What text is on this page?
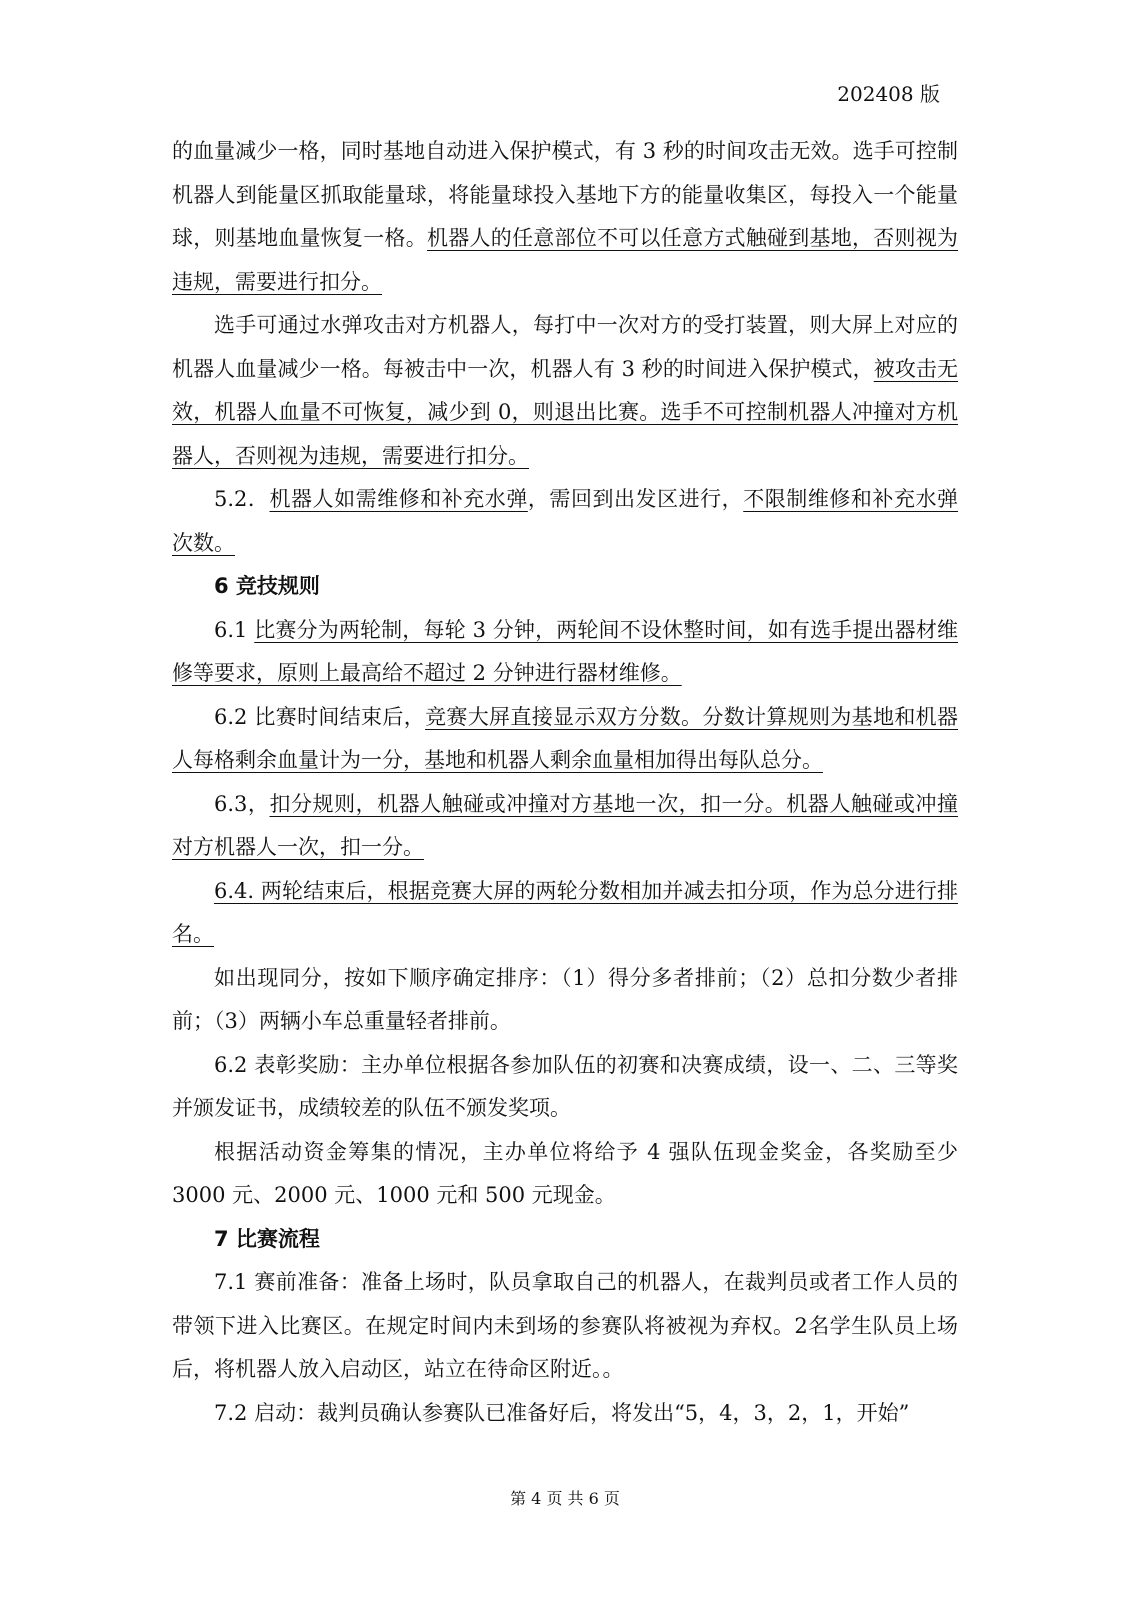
202408 版

的血量减少一格，同时基地自动进入保护模式，有 3 秒的时间攻击无效。选手可控制机器人到能量区抓取能量球，将能量球投入基地下方的能量收集区，每投入一个能量球，则基地血量恢复一格。机器人的任意部位不可以任意方式触碰到基地，否则视为违规，需要进行扣分。

选手可通过水弹攻击对方机器人，每打中一次对方的受打装置，则大屏上对应的机器人血量减少一格。每被击中一次，机器人有 3 秒的时间进入保护模式，被攻击无效，机器人血量不可恢复，减少到 0，则退出比赛。选手不可控制机器人冲撞对方机器人，否则视为违规，需要进行扣分。

5.2．机器人如需维修和补充水弹，需回到出发区进行，不限制维修和补充水弹次数。

6 竞技规则

6.1 比赛分为两轮制，每轮 3 分钟，两轮间不设休整时间，如有选手提出器材维修等要求，原则上最高给不超过 2 分钟进行器材维修。

6.2 比赛时间结束后，竞赛大屏直接显示双方分数。分数计算规则为基地和机器人每格剩余血量计为一分，基地和机器人剩余血量相加得出每队总分。

6.3，扣分规则，机器人触碰或冲撞对方基地一次，扣一分。机器人触碰或冲撞对方机器人一次，扣一分。

6.4. 两轮结束后，根据竞赛大屏的两轮分数相加并减去扣分项，作为总分进行排名。

如出现同分，按如下顺序确定排序：（1）得分多者排前；（2）总扣分数少者排前；（3）两辆小车总重量轻者排前。

6.2 表彰奖励：主办单位根据各参加队伍的初赛和决赛成绩，设一、二、三等奖并颁发证书，成绩较差的队伍不颁发奖项。

根据活动资金筹集的情况，主办单位将给予 4 强队伍现金奖金，各奖励至少 3000 元、2000 元、1000 元和 500 元现金。

7 比赛流程

7.1 赛前准备：准备上场时，队员拿取自己的机器人，在裁判员或者工作人员的带领下进入比赛区。在规定时间内未到场的参赛队将被视为弃权。2名学生队员上场后，将机器人放入启动区，站立在待命区附近。。

7.2 启动：裁判员确认参赛队已准备好后，将发出“5，4，3，2，1，开始”

第 4 页 共 6 页
